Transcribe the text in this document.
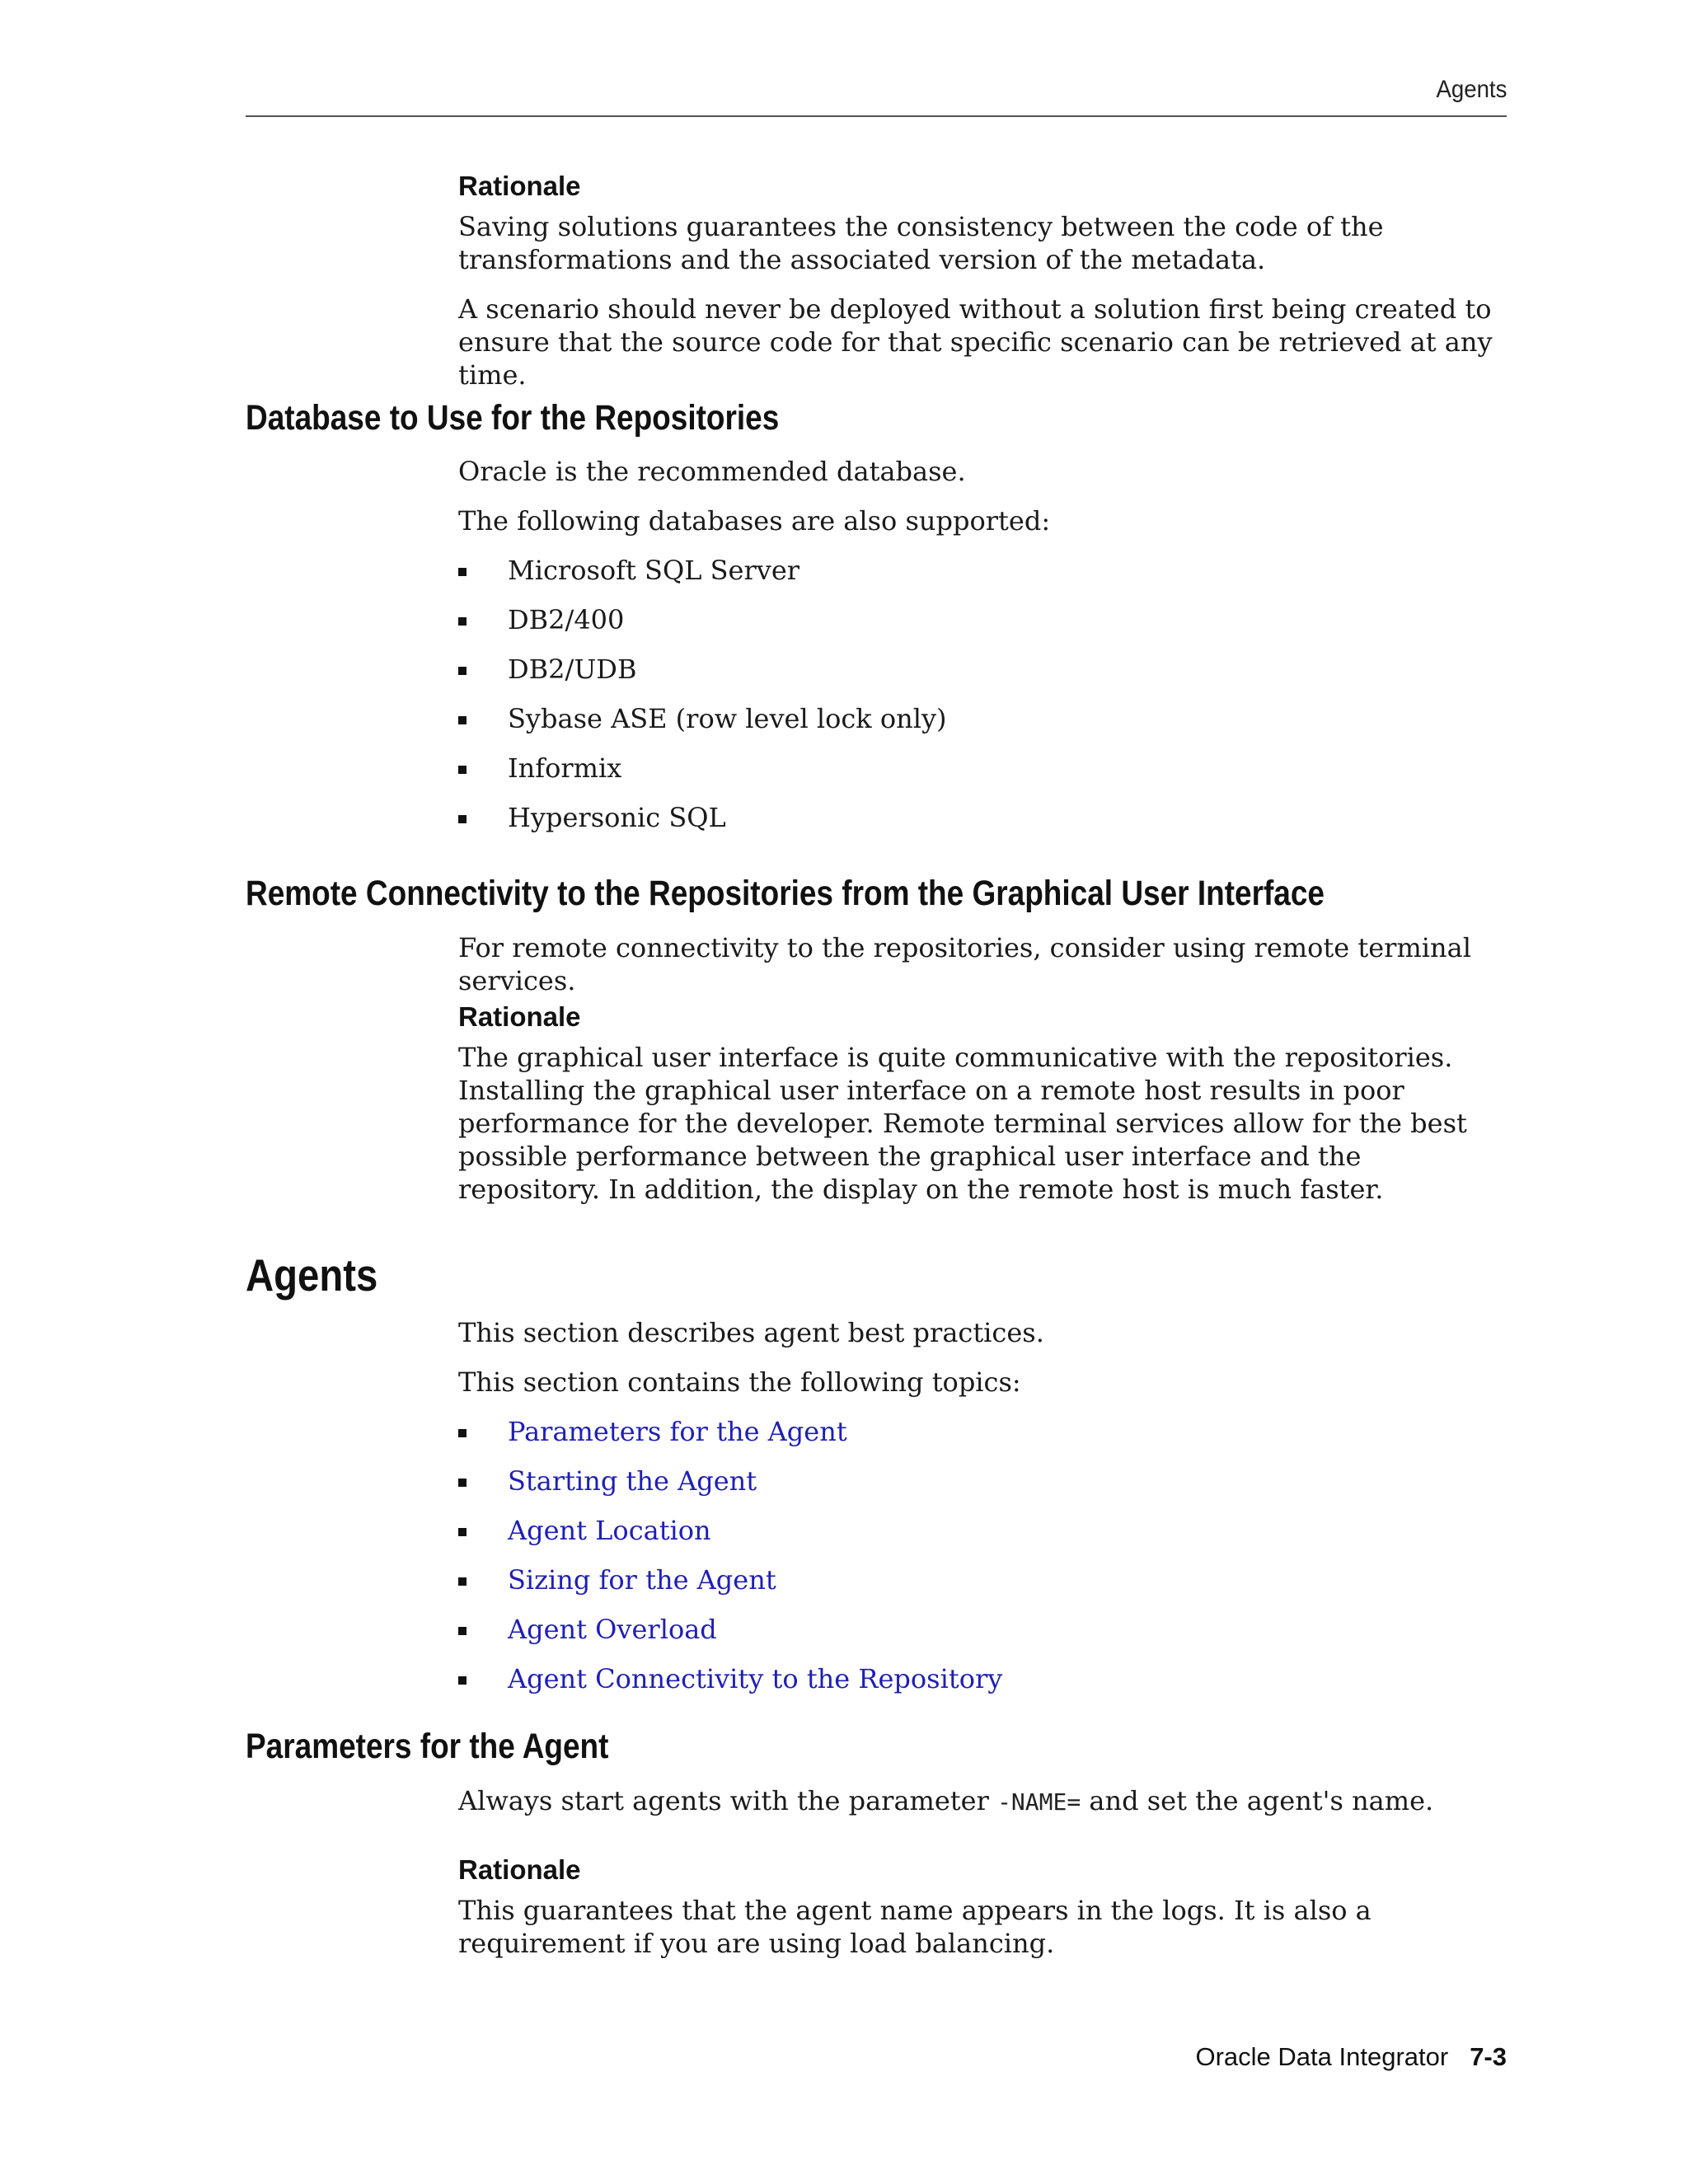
Agents
Rationale

Saving solutions guarantees the consistency between the code of the transformations and the associated version of the metadata.

A scenario should never be deployed without a solution first being created to ensure that the source code for that specific scenario can be retrieved at any time.

Database to Use for the Repositories

Oracle is the recommended database.

The following databases are also supported:

Microsoft SQL Server
DB2/400
DB2/UDB
Sybase ASE (row level lock only)
Informix
Hypersonic SQL
Remote Connectivity to the Repositories from the Graphical User Interface

For remote connectivity to the repositories, consider using remote terminal services.

Rationale

The graphical user interface is quite communicative with the repositories. Installing the graphical user interface on a remote host results in poor performance for the developer. Remote terminal services allow for the best possible performance between the graphical user interface and the repository. In addition, the display on the remote host is much faster.

Agents

This section describes agent best practices.

This section contains the following topics:

Parameters for the Agent
Starting the Agent
Agent Location
Sizing for the Agent
Agent Overload
Agent Connectivity to the Repository
Parameters for the Agent

Always start agents with the parameter -NAME= and set the agent's name.

Rationale

This guarantees that the agent name appears in the logs. It is also a requirement if you are using load balancing.

Oracle Data Integrator 7-3
